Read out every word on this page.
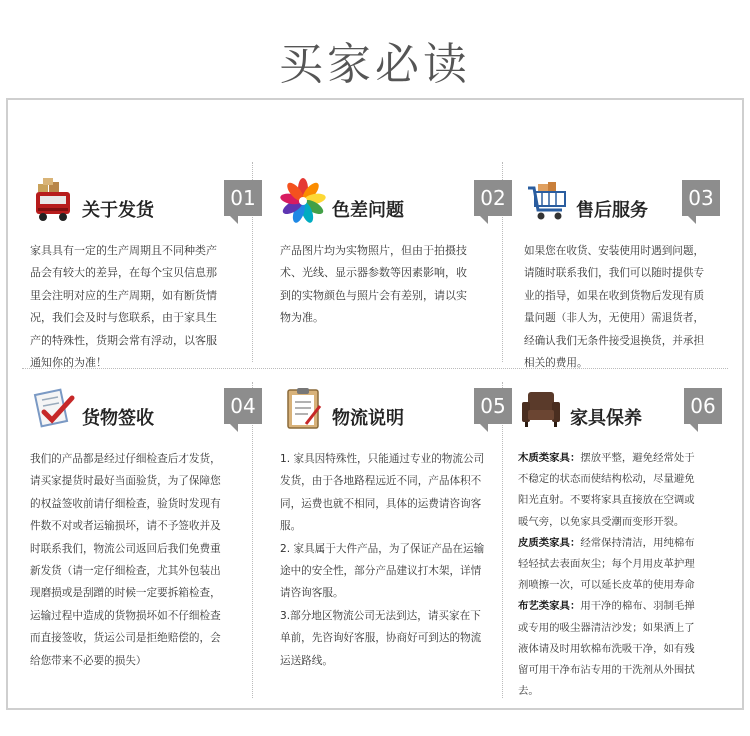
买家必读
关于发货
01

家具具有一定的生产周期且不同种类产

品会有较大的差异，在每个宝贝信息那

里会注明对应的生产周期，如有断货情

况，我们会及时与您联系，由于家具生

产的特殊性，货期会常有浮动，以客服

通知你的为准！

色差问题
02

产品图片均为实物照片，但由于拍摄技

术、光线、显示器参数等因素影响，收

到的实物颜色与照片会有差别，请以实

物为准。

售后服务
03

如果您在收货、安装使用时遇到问题，

请随时联系我们，我们可以随时提供专

业的指导，如果在收到货物后发现有质

量问题（非人为，无使用）需退货者，

经确认我们无条件接受退换货，并承担

相关的费用。

货物签收
04

我们的产品都是经过仔细检查后才发货，

请买家提货时最好当面验货，为了保障您

的权益签收前请仔细检查，验货时发现有

件数不对或者运输损坏，请不予签收并及

时联系我们，物流公司返回后我们免费重

新发货（请一定仔细检查，尤其外包装出

现磨损或是刮蹭的时候一定要拆箱检查，

运输过程中造成的货物损坏如不仔细检查

而直接签收，货运公司是拒绝赔偿的，会

给您带来不必要的损失）

物流说明
05

1. 家具因特殊性，只能通过专业的物流公司

发货，由于各地路程远近不同，产品体积不

同，运费也就不相同，具体的运费请咨询客

服。

2. 家具属于大件产品，为了保证产品在运输

途中的安全性，部分产品建议打木架，详情

请咨询客服。

3.部分地区物流公司无法到达，请买家在下

单前，先咨询好客服，协商好可到达的物流

运送路线。

家具保养
06

木质类家具：摆放平整，避免经常处于

不稳定的状态而使结构松动，尽量避免

阳光直射。不要将家具直接放在空调或

暖气旁，以免家具受潮而变形开裂。

皮质类家具：经常保持清洁，用纯棉布

轻轻拭去表面灰尘；每个月用皮革护理

剂喷擦一次，可以延长皮革的使用寿命

布艺类家具：用干净的棉布、羽制毛掸

或专用的吸尘器清洁沙发；如果洒上了

液体请及时用软棉布洗吸干净，如有残

留可用干净布沾专用的干洗剂从外围拭

去。
